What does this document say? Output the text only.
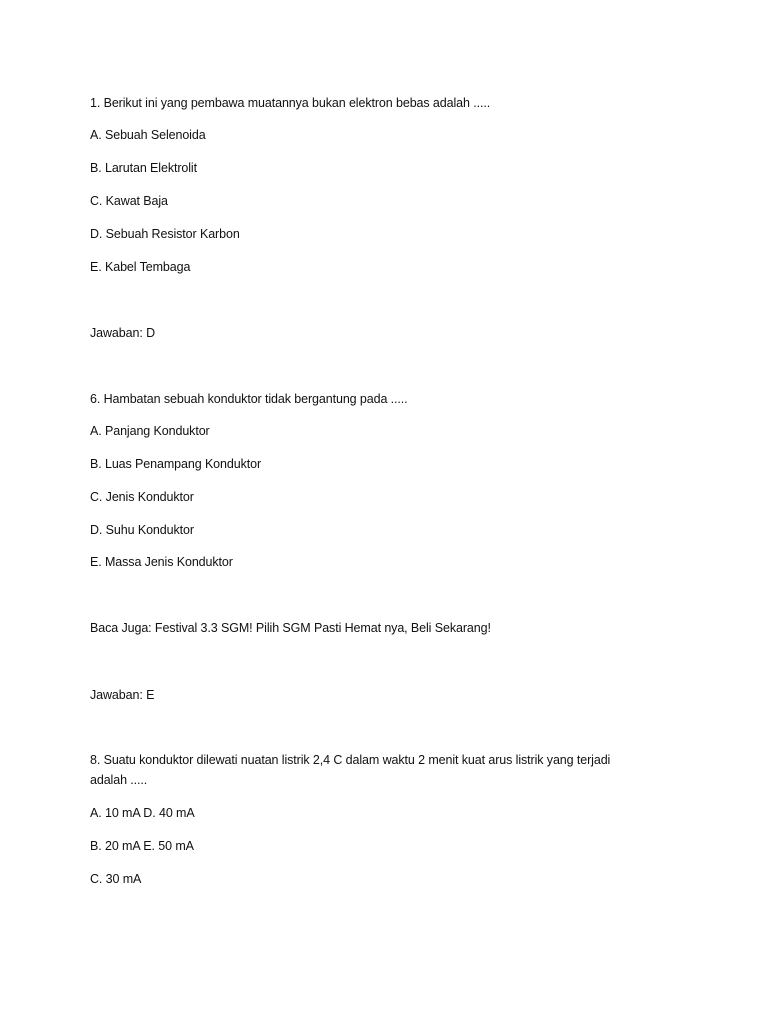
1. Berikut ini yang pembawa muatannya bukan elektron bebas adalah .....
A. Sebuah Selenoida
B. Larutan Elektrolit
C. Kawat Baja
D. Sebuah Resistor Karbon
E. Kabel Tembaga
Jawaban: D
6. Hambatan sebuah konduktor tidak bergantung pada .....
A. Panjang Konduktor
B. Luas Penampang Konduktor
C. Jenis Konduktor
D. Suhu Konduktor
E. Massa Jenis Konduktor
Baca Juga: Festival 3.3 SGM! Pilih SGM Pasti Hemat nya, Beli Sekarang!
Jawaban: E
8. Suatu konduktor dilewati nuatan listrik 2,4 C dalam waktu 2 menit kuat arus listrik yang terjadi
adalah .....
A. 10 mA D. 40 mA
B. 20 mA E. 50 mA
C. 30 mA
